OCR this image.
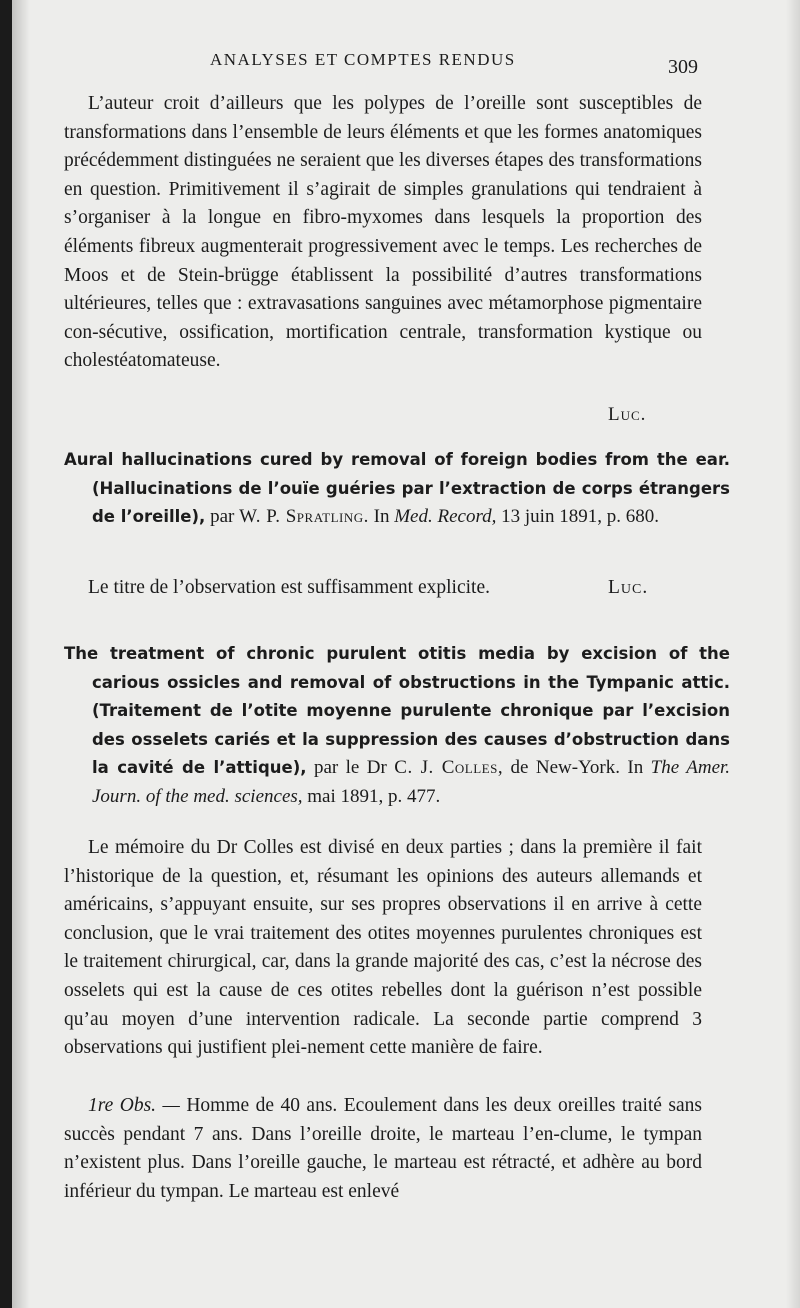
ANALYSES ET COMPTES RENDUS	309

L’auteur croit d’ailleurs que les polypes de l’oreille sont susceptibles de transformations dans l’ensemble de leurs éléments et que les formes anatomiques précédemment distinguées ne seraient que les diverses étapes des transformations en question. Primitivement il s’agirait de simples granulations qui tendraient à s’organiser à la longue en fibro-myxomes dans lesquels la proportion des éléments fibreux augmenterait progressivement avec le temps. Les recherches de Moos et de Stein-brügge établissent la possibilité d’autres transformations ultérieures, telles que : extravasations sanguines avec métamorphose pigmentaire con-sécutive, ossification, mortification centrale, transformation kystique ou cholestéatomateuse.

Luc.

Aural hallucinations cured by removal of foreign bodies from the ear. (Hallucinations de l’ouïe guéries par l’extraction de corps étrangers de l’oreille), par W. P. Spratling. In Med. Record, 13 juin 1891, p. 680.

Le titre de l’observation est suffisamment explicite.	Luc.

The treatment of chronic purulent otitis media by excision of the carious ossicles and removal of obstructions in the Tympanic attic. (Traitement de l’otite moyenne purulente chronique par l’excision des osselets cariés et la suppression des causes d’obstruction dans la cavité de l’attique), par le Dr C. J. Colles, de New-York. In The Amer. Journ. of the med. sciences, mai 1891, p. 477.

Le mémoire du Dr Colles est divisé en deux parties ; dans la première il fait l’historique de la question, et, résumant les opinions des auteurs allemands et américains, s’appuyant ensuite, sur ses propres observations il en arrive à cette conclusion, que le vrai traitement des otites moyennes purulentes chroniques est le traitement chirurgical, car, dans la grande majorité des cas, c’est la nécrose des osselets qui est la cause de ces otites rebelles dont la guérison n’est possible qu’au moyen d’une intervention radicale. La seconde partie comprend 3 observations qui justifient plei-nement cette manière de faire.

1re Obs. — Homme de 40 ans. Ecoulement dans les deux oreilles traité sans succès pendant 7 ans. Dans l’oreille droite, le marteau l’en-clume, le tympan n’existent plus. Dans l’oreille gauche, le marteau est rétracté, et adhère au bord inférieur du tympan. Le marteau est enlevé
